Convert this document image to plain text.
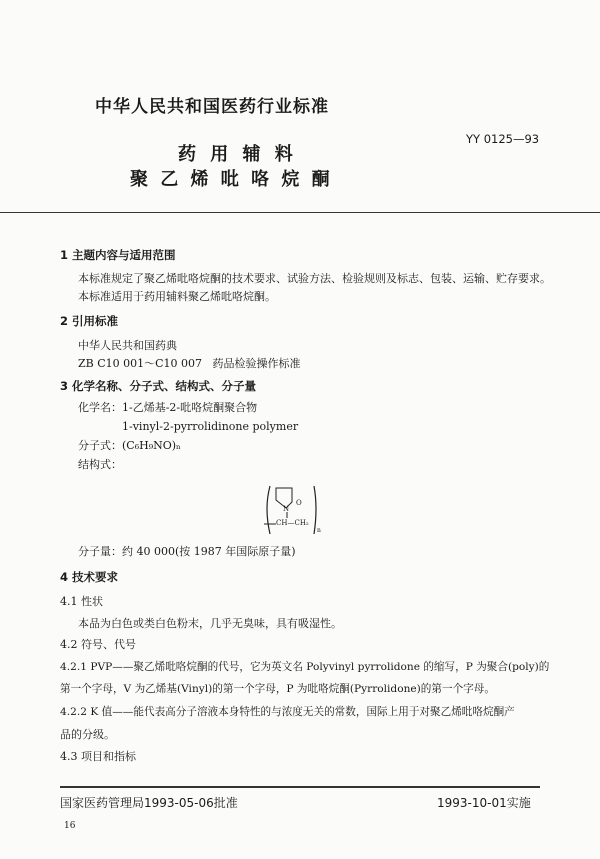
中华人民共和国医药行业标准
YY 0125—93
药 用 辅 料
聚 乙 烯 吡 咯 烷 酮
1 主题内容与适用范围
本标准规定了聚乙烯吡咯烷酮的技术要求、试验方法、检验规则及标志、包装、运输、贮存要求。
本标准适用于药用辅料聚乙烯吡咯烷酮。
2 引用标准
中华人民共和国药典
ZB C10 001～C10 007   药品检验操作标准
3 化学名称、分子式、结构式、分子量
化学名：1-乙烯基-2-吡咯烷酮聚合物
1-vinyl-2-pyrrolidinone polymer
分子式：(C₆H₉NO)ₙ
结构式：
N
O
CH—CH₂
n
分子量：约 40 000(按 1987 年国际原子量)
4 技术要求
4.1 性状
本品为白色或类白色粉末，几乎无臭味，具有吸湿性。
4.2 符号、代号
4.2.1 PVP——聚乙烯吡咯烷酮的代号，它为英文名 Polyvinyl pyrrolidone 的缩写，P 为聚合(poly)的
第一个字母，V 为乙烯基(Vinyl)的第一个字母，P 为吡咯烷酮(Pyrrolidone)的第一个字母。
4.2.2 K 值——能代表高分子溶液本身特性的与浓度无关的常数，国际上用于对聚乙烯吡咯烷酮产
品的分级。
4.3 项目和指标
国家医药管理局1993-05-06批准	1993-10-01实施
16
